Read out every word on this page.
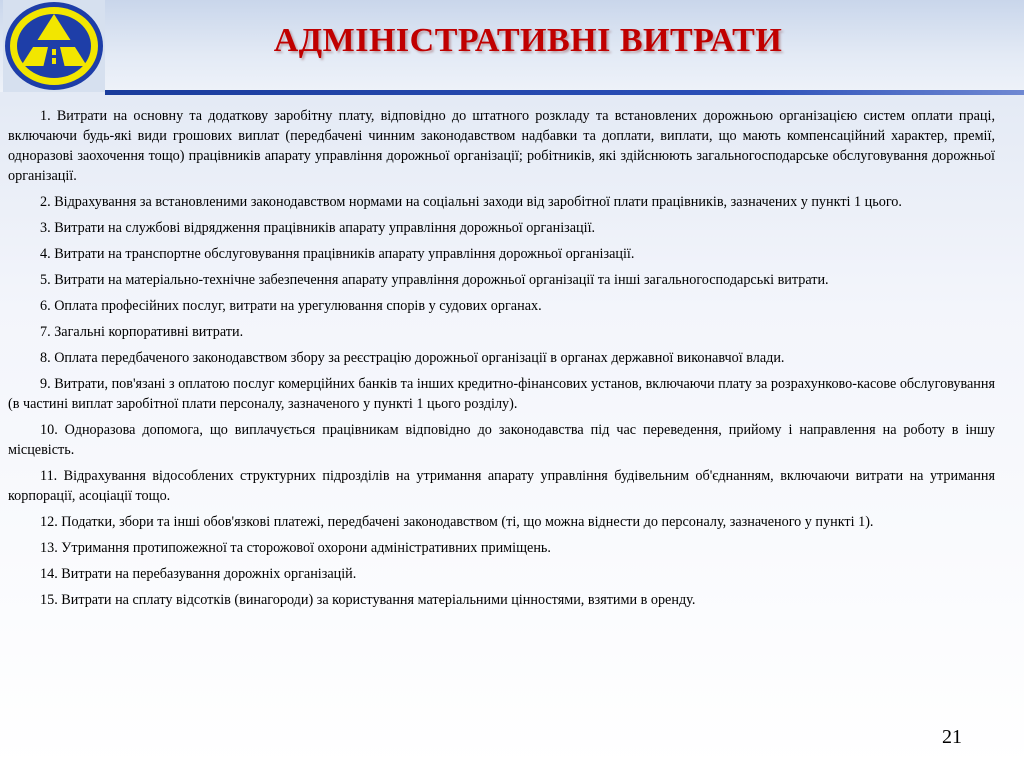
АДМІНІСТРАТИВНІ ВИТРАТИ

1. Витрати на основну та додаткову заробітну плату, відповідно до штатного розкладу та встановлених дорожньою організацією систем оплати праці, включаючи будь-які види грошових виплат (передбачені чинним законодавством надбавки та доплати, виплати, що мають компенсаційний характер, премії, одноразові заохочення тощо) працівників апарату управління дорожньої організації; робітників, які здійснюють загальногосподарське обслуговування дорожньої організації.

2. Відрахування за встановленими законодавством нормами на соціальні заходи від заробітної плати працівників, зазначених у пункті 1 цього.

3. Витрати на службові відрядження працівників апарату управління дорожньої організації.

4. Витрати на транспортне обслуговування працівників апарату управління дорожньої організації.

5. Витрати на матеріально-технічне забезпечення апарату управління дорожньої організації та інші загальногосподарські витрати.

6. Оплата професійних послуг, витрати на урегулювання спорів у судових органах.

7. Загальні корпоративні витрати.

8. Оплата передбаченого законодавством збору за реєстрацію дорожньої організації в органах державної виконавчої влади.

9. Витрати, пов'язані з оплатою послуг комерційних банків та інших кредитно-фінансових установ, включаючи плату за розрахунково-касове обслуговування (в частині виплат заробітної плати персоналу, зазначеного у пункті 1 цього розділу).

10. Одноразова допомога, що виплачується працівникам відповідно до законодавства під час переведення, прийому і направлення на роботу в іншу місцевість.

11. Відрахування відособлених структурних підрозділів на утримання апарату управління будівельним об'єднанням, включаючи витрати на утримання корпорації, асоціації тощо.

12. Податки, збори та інші обов'язкові платежі, передбачені законодавством (ті, що можна віднести до персоналу, зазначеного у пункті 1).

13. Утримання протипожежної та сторожової охорони адміністративних приміщень.

14. Витрати на перебазування дорожніх організацій.

15. Витрати на сплату відсотків (винагороди) за користування матеріальними цінностями, взятими в оренду.

21
